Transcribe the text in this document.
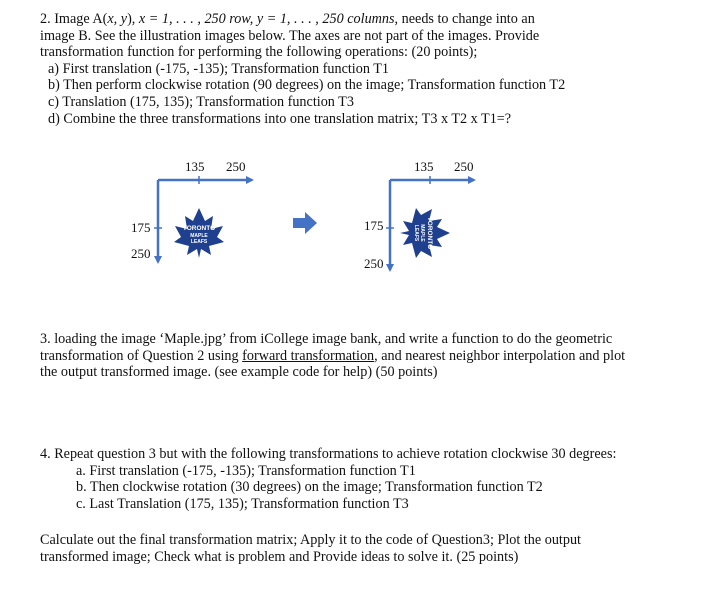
2. Image A(x, y), x = 1, . . . , 250 row, y = 1, . . . , 250 columns, needs to change into an
image B. See the illustration images below. The axes are not part of the images. Provide
transformation function for performing the following operations: (20 points);
a) First translation (-175, -135); Transformation function T1
b) Then perform clockwise rotation (90 degrees) on the image; Transformation function T2
c) Translation (175, 135); Transformation function T3
d) Combine the three transformations into one translation matrix; T3 x T2 x T1=?
135 250
175
250
TORONTO
MAPLE
LEAFS
135 250
175
250
TORONTO
MAPLE
LEAFS
3. loading the image ‘Maple.jpg’ from iCollege image bank, and write a function to do the geometric
transformation of Question 2 using forward transformation, and nearest neighbor interpolation and plot
the output transformed image. (see example code for help) (50 points)
4. Repeat question 3 but with the following transformations to achieve rotation clockwise 30 degrees:
a. First translation (-175, -135); Transformation function T1
b. Then clockwise rotation (30 degrees) on the image; Transformation function T2
c. Last Translation (175, 135); Transformation function T3
Calculate out the final transformation matrix; Apply it to the code of Question3; Plot the output
transformed image; Check what is problem and Provide ideas to solve it. (25 points)
